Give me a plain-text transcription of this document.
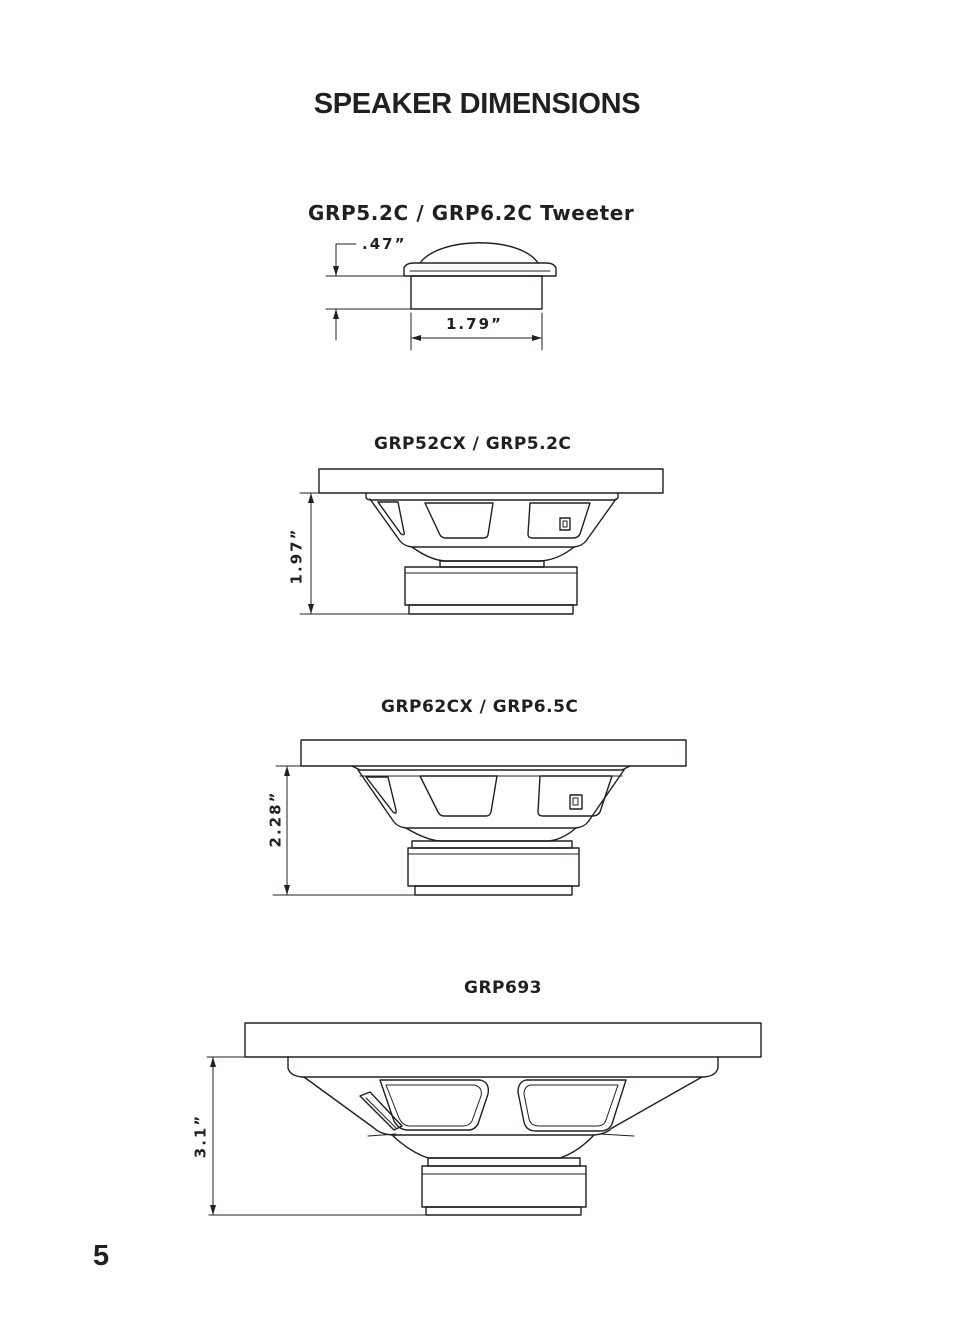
SPEAKER DIMENSIONS
GRP5.2C / GRP6.2C Tweeter
.47”
1.79”
GRP52CX / GRP5.2C
1.97”
GRP62CX / GRP6.5C
2.28”
GRP693
3.1”
5
